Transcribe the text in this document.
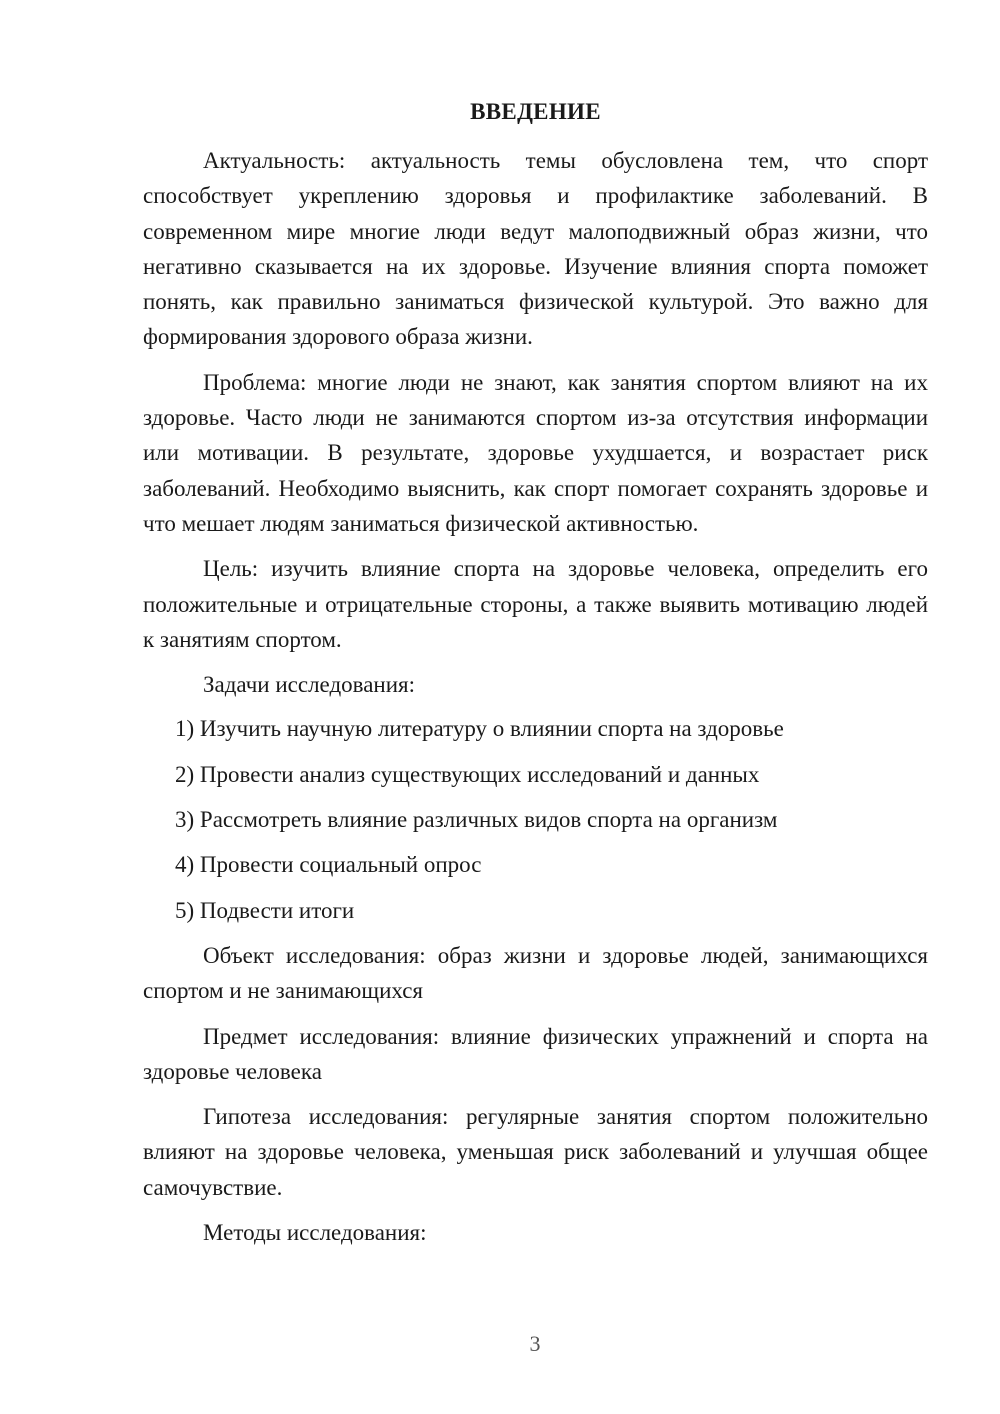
ВВЕДЕНИЕ

Актуальность: актуальность темы обусловлена тем, что спорт способствует укреплению здоровья и профилактике заболеваний. В современном мире многие люди ведут малоподвижный образ жизни, что негативно сказывается на их здоровье. Изучение влияния спорта поможет понять, как правильно заниматься физической культурой. Это важно для формирования здорового образа жизни.

Проблема: многие люди не знают, как занятия спортом влияют на их здоровье. Часто люди не занимаются спортом из-за отсутствия информации или мотивации. В результате, здоровье ухудшается, и возрастает риск заболеваний. Необходимо выяснить, как спорт помогает сохранять здоровье и что мешает людям заниматься физической активностью.

Цель: изучить влияние спорта на здоровье человека, определить его положительные и отрицательные стороны, а также выявить мотивацию людей к занятиям спортом.

Задачи исследования:

1) Изучить научную литературу о влиянии спорта на здоровье
2) Провести анализ существующих исследований и данных
3) Рассмотреть влияние различных видов спорта на организм
4) Провести социальный опрос
5) Подвести итоги

Объект исследования: образ жизни и здоровье людей, занимающихся спортом и не занимающихся

Предмет исследования: влияние физических упражнений и спорта на здоровье человека

Гипотеза исследования: регулярные занятия спортом положительно влияют на здоровье человека, уменьшая риск заболеваний и улучшая общее самочувствие.

Методы исследования:

3
